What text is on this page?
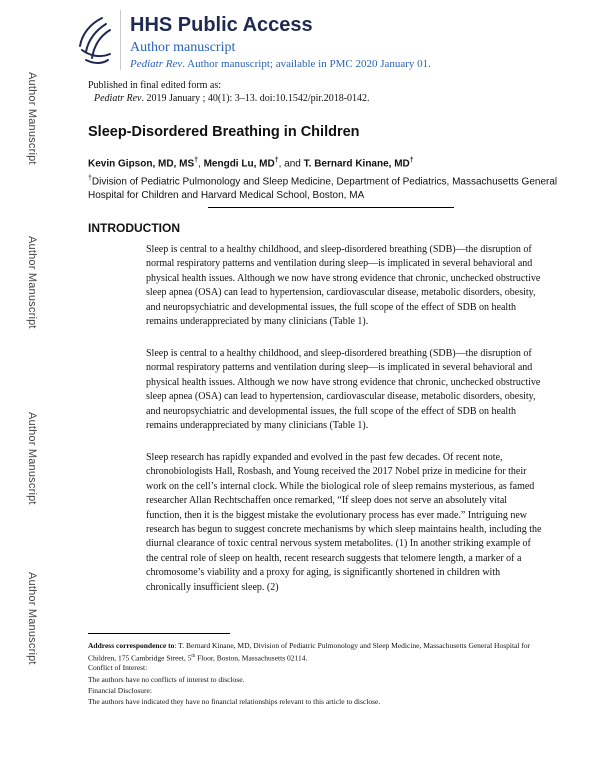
Author Manuscript
Author Manuscript
Author Manuscript
Author Manuscript
HHS Public Access
Author manuscript
Pediatr Rev. Author manuscript; available in PMC 2020 January 01.
Published in final edited form as:
Pediatr Rev. 2019 January ; 40(1): 3–13. doi:10.1542/pir.2018-0142.
Sleep-Disordered Breathing in Children
Kevin Gipson, MD, MS†, Mengdi Lu, MD†, and T. Bernard Kinane, MD†
†Division of Pediatric Pulmonology and Sleep Medicine, Department of Pediatrics, Massachusetts General Hospital for Children and Harvard Medical School, Boston, MA
INTRODUCTION

Sleep is central to a healthy childhood, and sleep-disordered breathing (SDB)—the disruption of normal respiratory patterns and ventilation during sleep—is implicated in several behavioral and physical health issues. Although we now have strong evidence that chronic, unchecked obstructive sleep apnea (OSA) can lead to hypertension, cardiovascular disease, metabolic disorders, obesity, and neuropsychiatric and developmental issues, the full scope of the effect of SDB on health remains underappreciated by many clinicians (Table 1).

Sleep is central to a healthy childhood, and sleep-disordered breathing (SDB)—the disruption of normal respiratory patterns and ventilation during sleep—is implicated in several behavioral and physical health issues. Although we now have strong evidence that chronic, unchecked obstructive sleep apnea (OSA) can lead to hypertension, cardiovascular disease, metabolic disorders, obesity, and neuropsychiatric and developmental issues, the full scope of the effect of SDB on health remains underappreciated by many clinicians (Table 1).

Sleep research has rapidly expanded and evolved in the past few decades. Of recent note, chronobiologists Hall, Rosbash, and Young received the 2017 Nobel prize in medicine for their work on the cell’s internal clock. While the biological role of sleep remains mysterious, as famed researcher Allan Rechtschaffen once remarked, “If sleep does not serve an absolutely vital function, then it is the biggest mistake the evolutionary process has ever made.” Intriguing new research has begun to suggest concrete mechanisms by which sleep maintains health, including the diurnal clearance of toxic central nervous system metabolites. (1) In another striking example of the central role of sleep on health, recent research suggests that telomere length, a marker of a chromosome’s viability and a proxy for aging, is significantly shortened in children with chronically insufficient sleep. (2)

Address correspondence to: T. Bernard Kinane, MD, Division of Pediatric Pulmonology and Sleep Medicine, Massachusetts General Hospital for Children, 175 Cambridge Street, 5th Floor, Boston, Massachusetts 02114.

Conflict of Interest:

The authors have no conflicts of interest to disclose.

Financial Disclosure:

The authors have indicated they have no financial relationships relevant to this article to disclose.
